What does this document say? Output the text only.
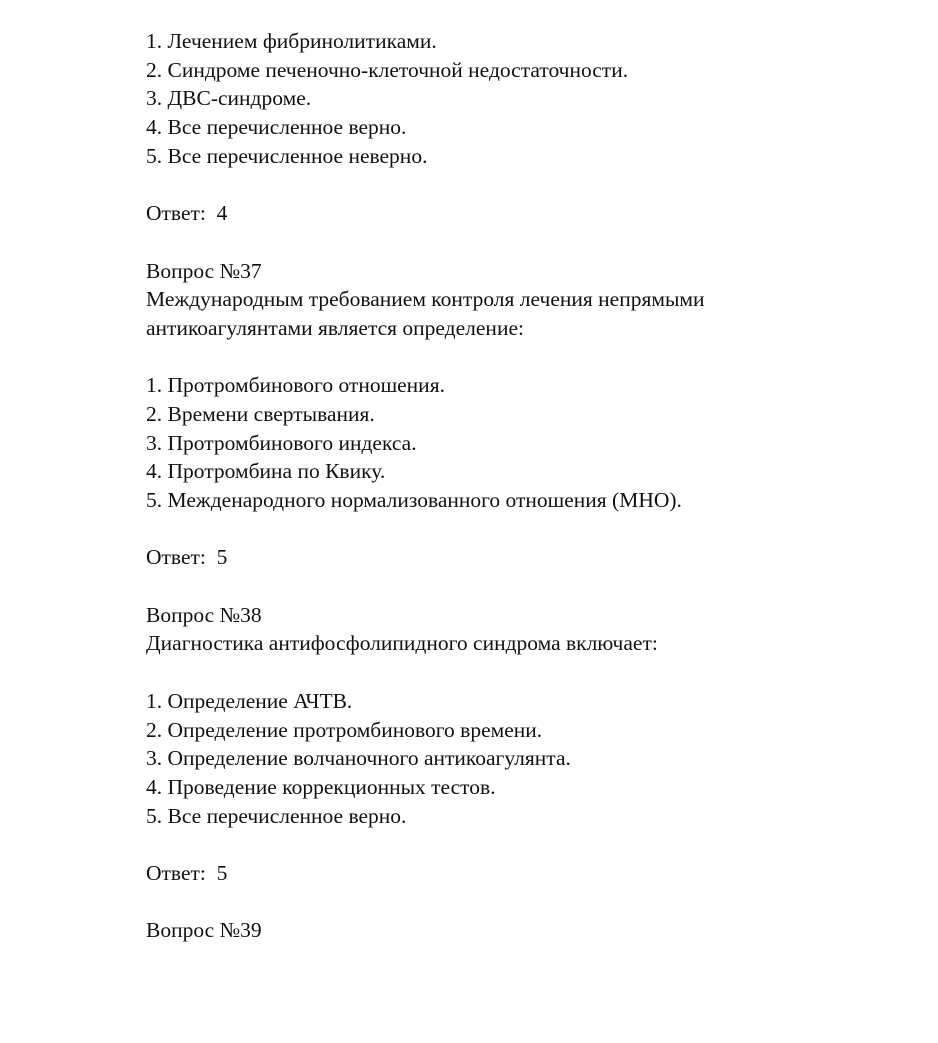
1. Лечением фибринолитиками.
2. Синдроме печеночно-клеточной недостаточности.
3. ДВС-синдроме.
4. Все перечисленное верно.
5. Все перечисленное неверно.
Ответ:  4
Вопрос №37
Международным требованием контроля лечения непрямыми
антикоагулянтами является определение:
1. Протромбинового отношения.
2. Времени свертывания.
3. Протромбинового индекса.
4. Протромбина по Квику.
5. Межденародного нормализованного отношения (МНО).
Ответ:  5
Вопрос №38
Диагностика антифосфолипидного синдрома включает:
1. Определение АЧТВ.
2. Определение протромбинового времени.
3. Определение волчаночного антикоагулянта.
4. Проведение коррекционных тестов.
5. Все перечисленное верно.
Ответ:  5
Вопрос №39
